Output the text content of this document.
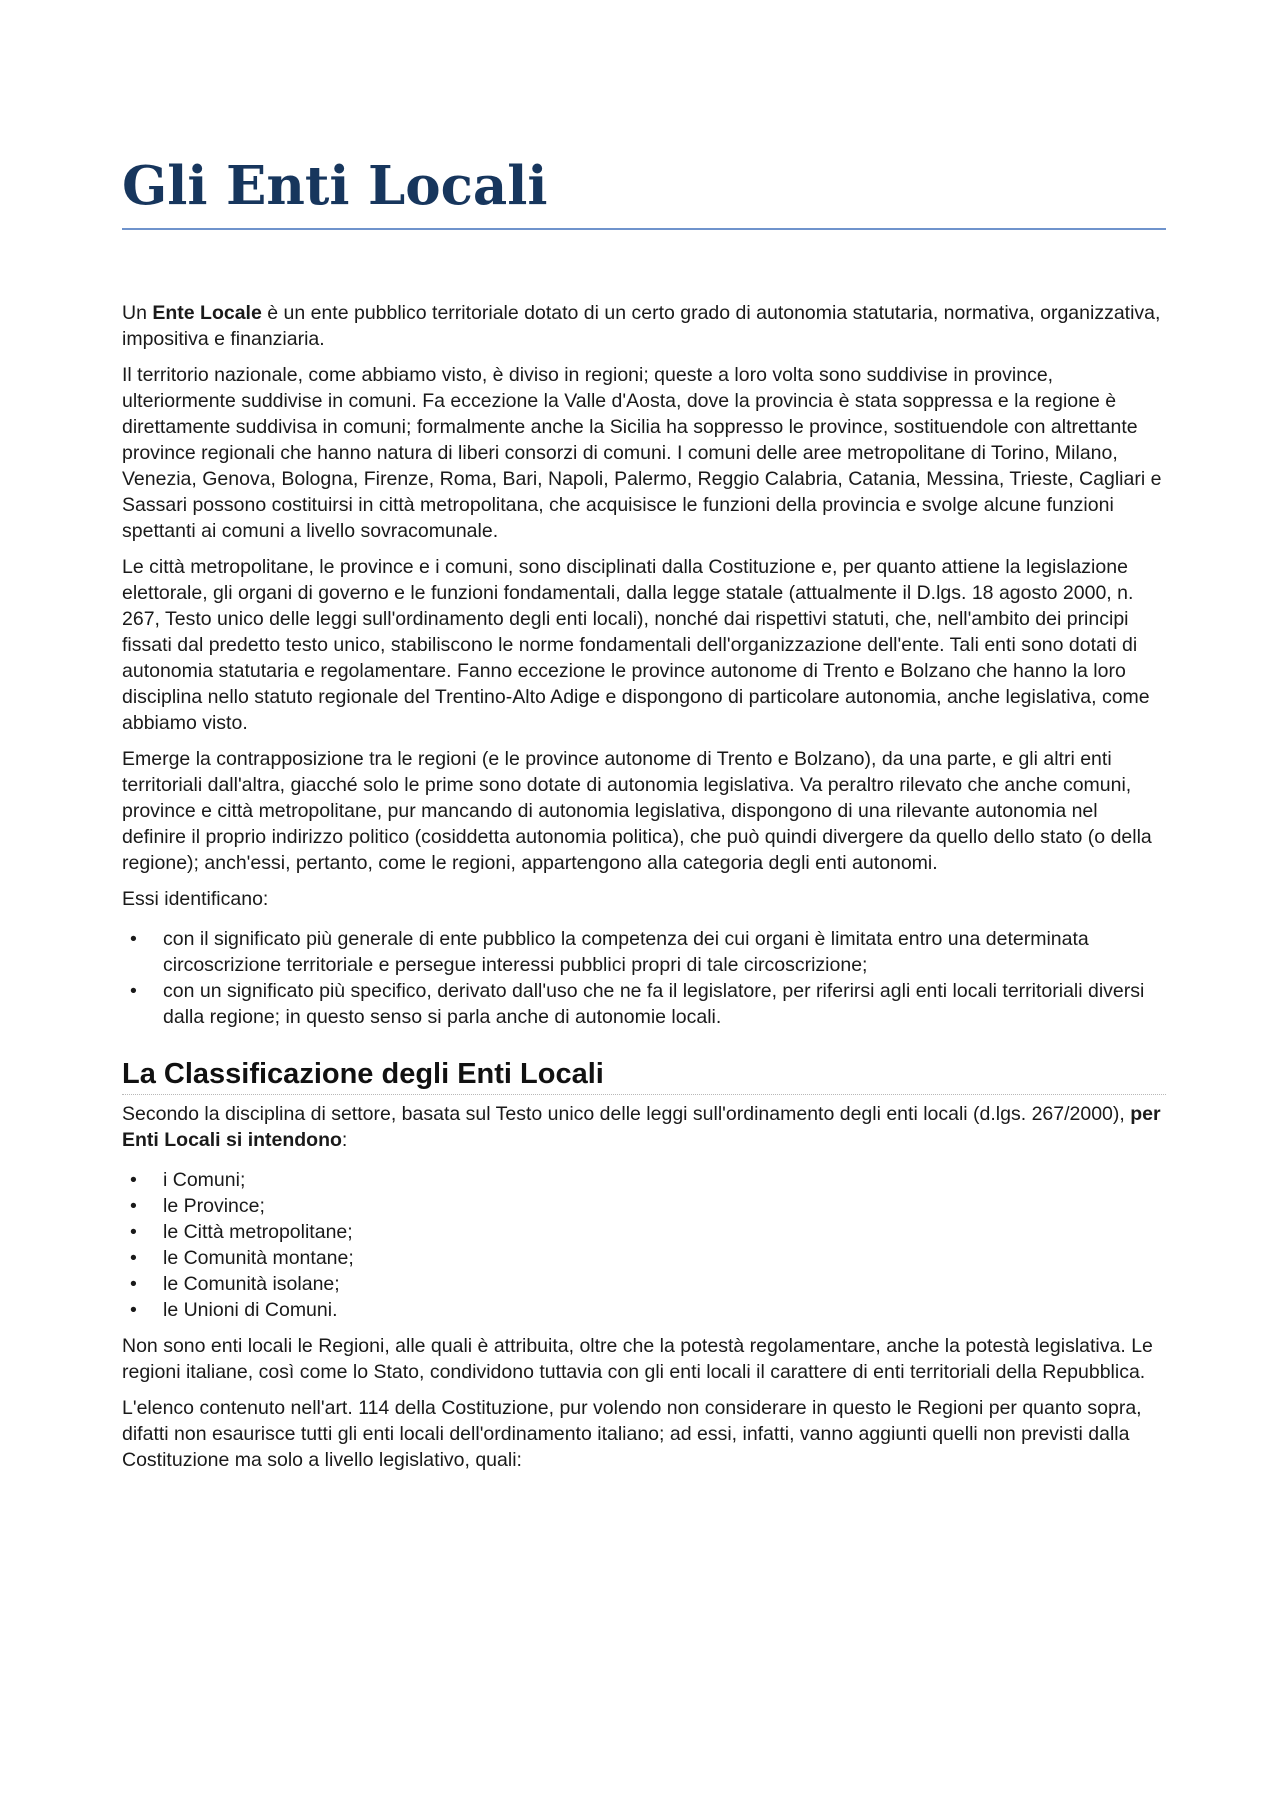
Gli Enti Locali

Un Ente Locale è un ente pubblico territoriale dotato di un certo grado di autonomia statutaria, normativa, organizzativa, impositiva e finanziaria.

Il territorio nazionale, come abbiamo visto, è diviso in regioni; queste a loro volta sono suddivise in province, ulteriormente suddivise in comuni. Fa eccezione la Valle d'Aosta, dove la provincia è stata soppressa e la regione è direttamente suddivisa in comuni; formalmente anche la Sicilia ha soppresso le province, sostituendole con altrettante province regionali che hanno natura di liberi consorzi di comuni. I comuni delle aree metropolitane di Torino, Milano, Venezia, Genova, Bologna, Firenze, Roma, Bari, Napoli, Palermo, Reggio Calabria, Catania, Messina, Trieste, Cagliari e Sassari possono costituirsi in città metropolitana, che acquisisce le funzioni della provincia e svolge alcune funzioni spettanti ai comuni a livello sovracomunale.

Le città metropolitane, le province e i comuni, sono disciplinati dalla Costituzione e, per quanto attiene la legislazione elettorale, gli organi di governo e le funzioni fondamentali, dalla legge statale (attualmente il D.lgs. 18 agosto 2000, n. 267, Testo unico delle leggi sull'ordinamento degli enti locali), nonché dai rispettivi statuti, che, nell'ambito dei principi fissati dal predetto testo unico, stabiliscono le norme fondamentali dell'organizzazione dell'ente. Tali enti sono dotati di autonomia statutaria e regolamentare. Fanno eccezione le province autonome di Trento e Bolzano che hanno la loro disciplina nello statuto regionale del Trentino-Alto Adige e dispongono di particolare autonomia, anche legislativa, come abbiamo visto.

Emerge la contrapposizione tra le regioni (e le province autonome di Trento e Bolzano), da una parte, e gli altri enti territoriali dall'altra, giacché solo le prime sono dotate di autonomia legislativa. Va peraltro rilevato che anche comuni, province e città metropolitane, pur mancando di autonomia legislativa, dispongono di una rilevante autonomia nel definire il proprio indirizzo politico (cosiddetta autonomia politica), che può quindi divergere da quello dello stato (o della regione); anch'essi, pertanto, come le regioni, appartengono alla categoria degli enti autonomi.

Essi identificano:

• con il significato più generale di ente pubblico la competenza dei cui organi è limitata entro una determinata circoscrizione territoriale e persegue interessi pubblici propri di tale circoscrizione;
• con un significato più specifico, derivato dall'uso che ne fa il legislatore, per riferirsi agli enti locali territoriali diversi dalla regione; in questo senso si parla anche di autonomie locali.
La Classificazione degli Enti Locali

Secondo la disciplina di settore, basata sul Testo unico delle leggi sull'ordinamento degli enti locali (d.lgs. 267/2000), per Enti Locali si intendono:

• i Comuni;
• le Province;
• le Città metropolitane;
• le Comunità montane;
• le Comunità isolane;
• le Unioni di Comuni.

Non sono enti locali le Regioni, alle quali è attribuita, oltre che la potestà regolamentare, anche la potestà legislativa. Le regioni italiane, così come lo Stato, condividono tuttavia con gli enti locali il carattere di enti territoriali della Repubblica.

L'elenco contenuto nell'art. 114 della Costituzione, pur volendo non considerare in questo le Regioni per quanto sopra, difatti non esaurisce tutti gli enti locali dell'ordinamento italiano; ad essi, infatti, vanno aggiunti quelli non previsti dalla Costituzione ma solo a livello legislativo, quali:
